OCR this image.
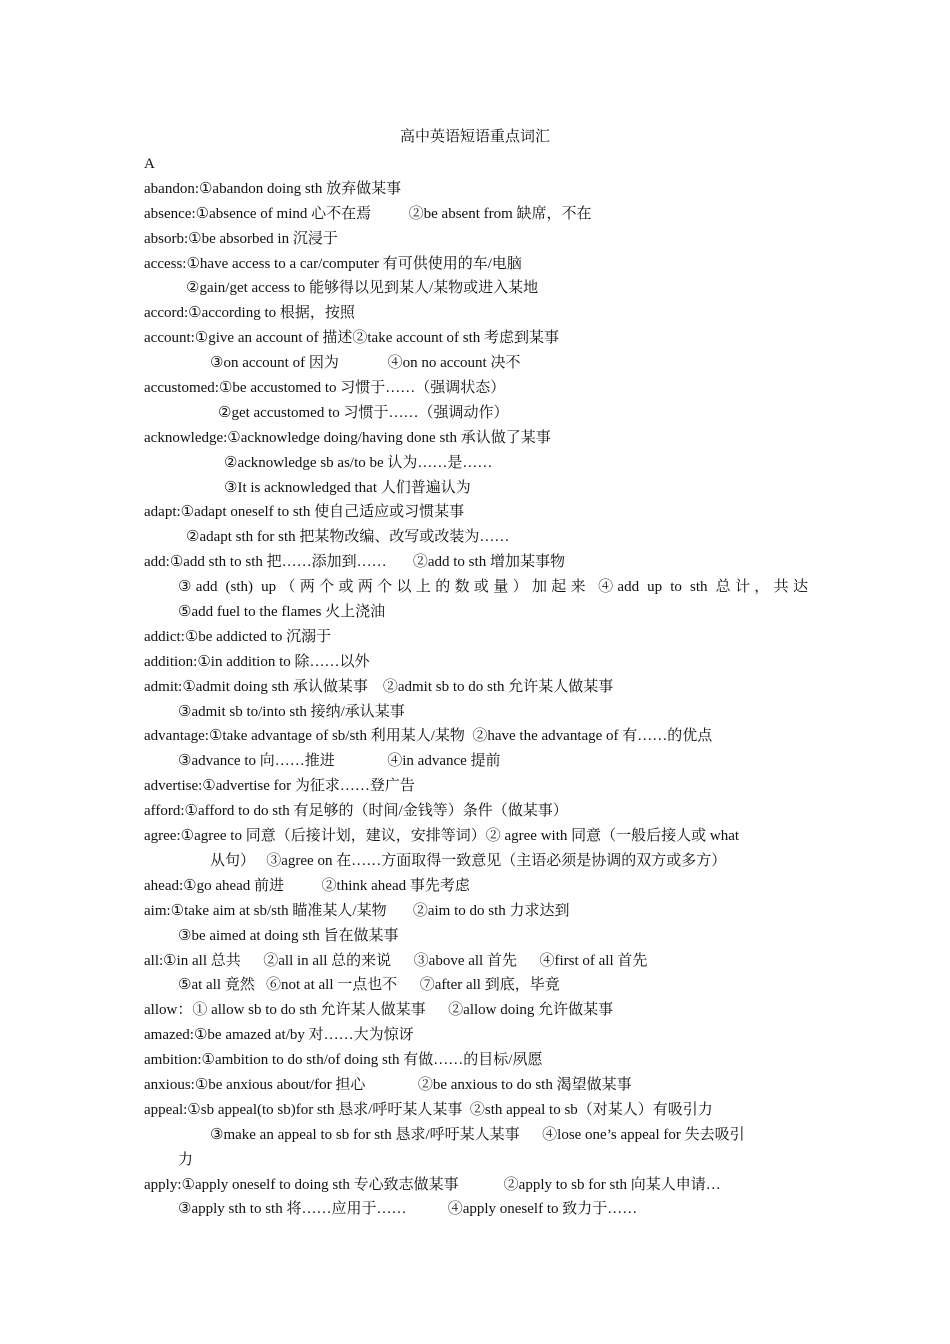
高中英语短语重点词汇
A
abandon:①abandon doing sth 放弃做某事
absence:①absence of mind 心不在焉          ②be absent from 缺席，不在
absorb:①be absorbed in 沉浸于
access:①have access to a car/computer 有可供使用的车/电脑
②gain/get access to 能够得以见到某人/某物或进入某地
accord:①according to 根据，按照
account:①give an account of 描述②take account of sth 考虑到某事
③on account of 因为             ④on no account 决不
accustomed:①be accustomed to 习惯于……（强调状态）
②get accustomed to 习惯于……（强调动作）
acknowledge:①acknowledge doing/having done sth 承认做了某事
②acknowledge sb as/to be 认为……是……
③It is acknowledged that 人们普遍认为
adapt:①adapt oneself to sth 使自己适应或习惯某事
②adapt sth for sth 把某物改编、改写或改装为……
add:①add sth to sth 把……添加到……       ②add to sth 增加某事物
③add (sth) up（两个或两个以上的数或量）加起来 ④add up to sth 总计，共达
⑤add fuel to the flames 火上浇油
addict:①be addicted to 沉溺于
addition:①in addition to 除……以外
admit:①admit doing sth 承认做某事    ②admit sb to do sth 允许某人做某事
③admit sb to/into sth 接纳/承认某事
advantage:①take advantage of sb/sth 利用某人/某物  ②have the advantage of 有……的优点
③advance to 向……推进              ④in advance 提前
advertise:①advertise for 为征求……登广告
afford:①afford to do sth 有足够的（时间/金钱等）条件（做某事）
agree:①agree to 同意（后接计划，建议，安排等词）② agree with 同意（一般后接人或 what
从句）   ③agree on 在……方面取得一致意见（主语必须是协调的双方或多方）
ahead:①go ahead 前进          ②think ahead 事先考虑
aim:①take aim at sb/sth 瞄准某人/某物       ②aim to do sth 力求达到
③be aimed at doing sth 旨在做某事
all:①in all 总共      ②all in all 总的来说      ③above all 首先      ④first of all 首先
⑤at all 竟然   ⑥not at all 一点也不      ⑦after all 到底，毕竟
allow：① allow sb to do sth 允许某人做某事      ②allow doing 允许做某事
amazed:①be amazed at/by 对……大为惊讶
ambition:①ambition to do sth/of doing sth 有做……的目标/夙愿
anxious:①be anxious about/for 担心              ②be anxious to do sth 渴望做某事
appeal:①sb appeal(to sb)for sth 恳求/呼吁某人某事  ②sth appeal to sb（对某人）有吸引力
③make an appeal to sb for sth 恳求/呼吁某人某事      ④lose one’s appeal for 失去吸引
力
apply:①apply oneself to doing sth 专心致志做某事            ②apply to sb for sth 向某人申请…
③apply sth to sth 将……应用于……           ④apply oneself to 致力于……
